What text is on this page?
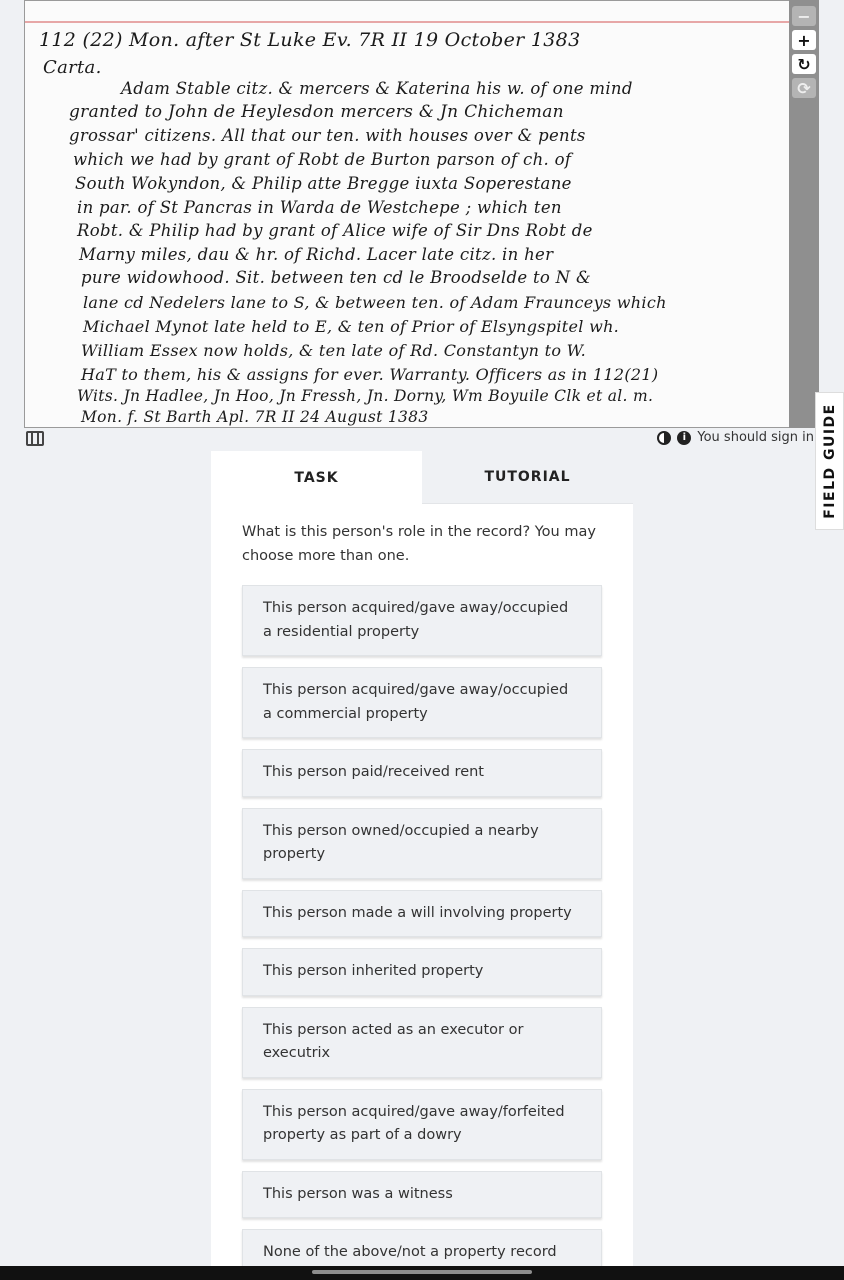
112 (22) Mon. after St Luke Ev. 7R II 19 October 1383
Carta.
Adam Stable citz. & mercers & Katerina his w. of one mind
granted to John de Heylesdon mercers & Jn Chicheman
grossar' citizens. All that our ten. with houses over & pents
which we had by grant of Robt de Burton parson of ch. of
South Wokyndon, & Philip atte Bregge iuxta Soperestane
in par. of St Pancras in Warda de Westchepe ; which ten
Robt. & Philip had by grant of Alice wife of Sir Dns Robt de
Marny miles, dau & hr. of Richd. Lacer late citz. in her
pure widowhood. Sit. between ten cd le Broodselde to N &
lane cd Nedelers lane to S, & between ten. of Adam Fraunceys which
Michael Mynot late held to E, & ten of Prior of Elsyngspitel wh.
William Essex now holds, & ten late of Rd. Constantyn to W.
HaT to them, his & assigns for ever. Warranty. Officers as in 112(21)
Wits. Jn Hadlee, Jn Hoo, Jn Fressh, Jn. Dorny, Wm Boyuile Clk et al. m.
Mon. f. St Barth Apl. 7R II 24 August 1383
−
+
↻
⟳
i You should sign in FIELD GUIDE
TASK	TUTORIAL
What is this person's role in the record? You may choose more than one.
This person acquired/gave away/occupied a residential property
This person acquired/gave away/occupied a commercial property
This person paid/received rent
This person owned/occupied a nearby property
This person made a will involving property
This person inherited property
This person acted as an executor or executrix
This person acquired/gave away/forfeited property as part of a dowry
This person was a witness
None of the above/not a property record
